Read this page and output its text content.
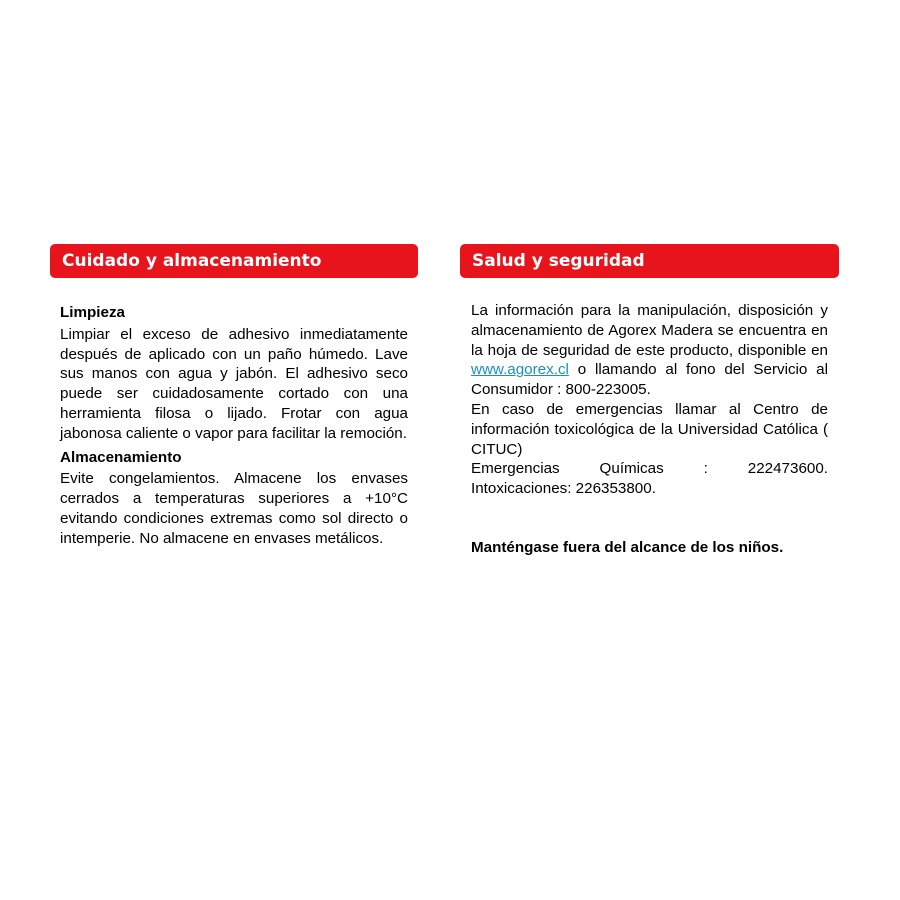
Cuidado y almacenamiento
Limpieza

Limpiar el exceso de adhesivo inmediatamente después de aplicado con un paño húmedo. Lave sus manos con agua y jabón. El adhesivo seco puede ser cuidadosamente cortado con una herramienta filosa o lijado. Frotar con agua jabonosa caliente o vapor para facilitar la remoción.

Almacenamiento

Evite congelamientos. Almacene los envases cerrados a temperaturas superiores a +10°C evitando condiciones extremas como sol directo o intemperie. No almacene en envases metálicos.

Salud y seguridad

La información para la manipulación, disposición y almacenamiento de Agorex Madera se encuentra en la hoja de seguridad de este producto, disponible en www.agorex.cl o llamando al fono del Servicio al Consumidor : 800-223005.

En caso de emergencias llamar al Centro de información toxicológica de la Universidad Católica ( CITUC)

Emergencias Químicas : 222473600.

Intoxicaciones: 226353800.

Manténgase fuera del alcance de los niños.
